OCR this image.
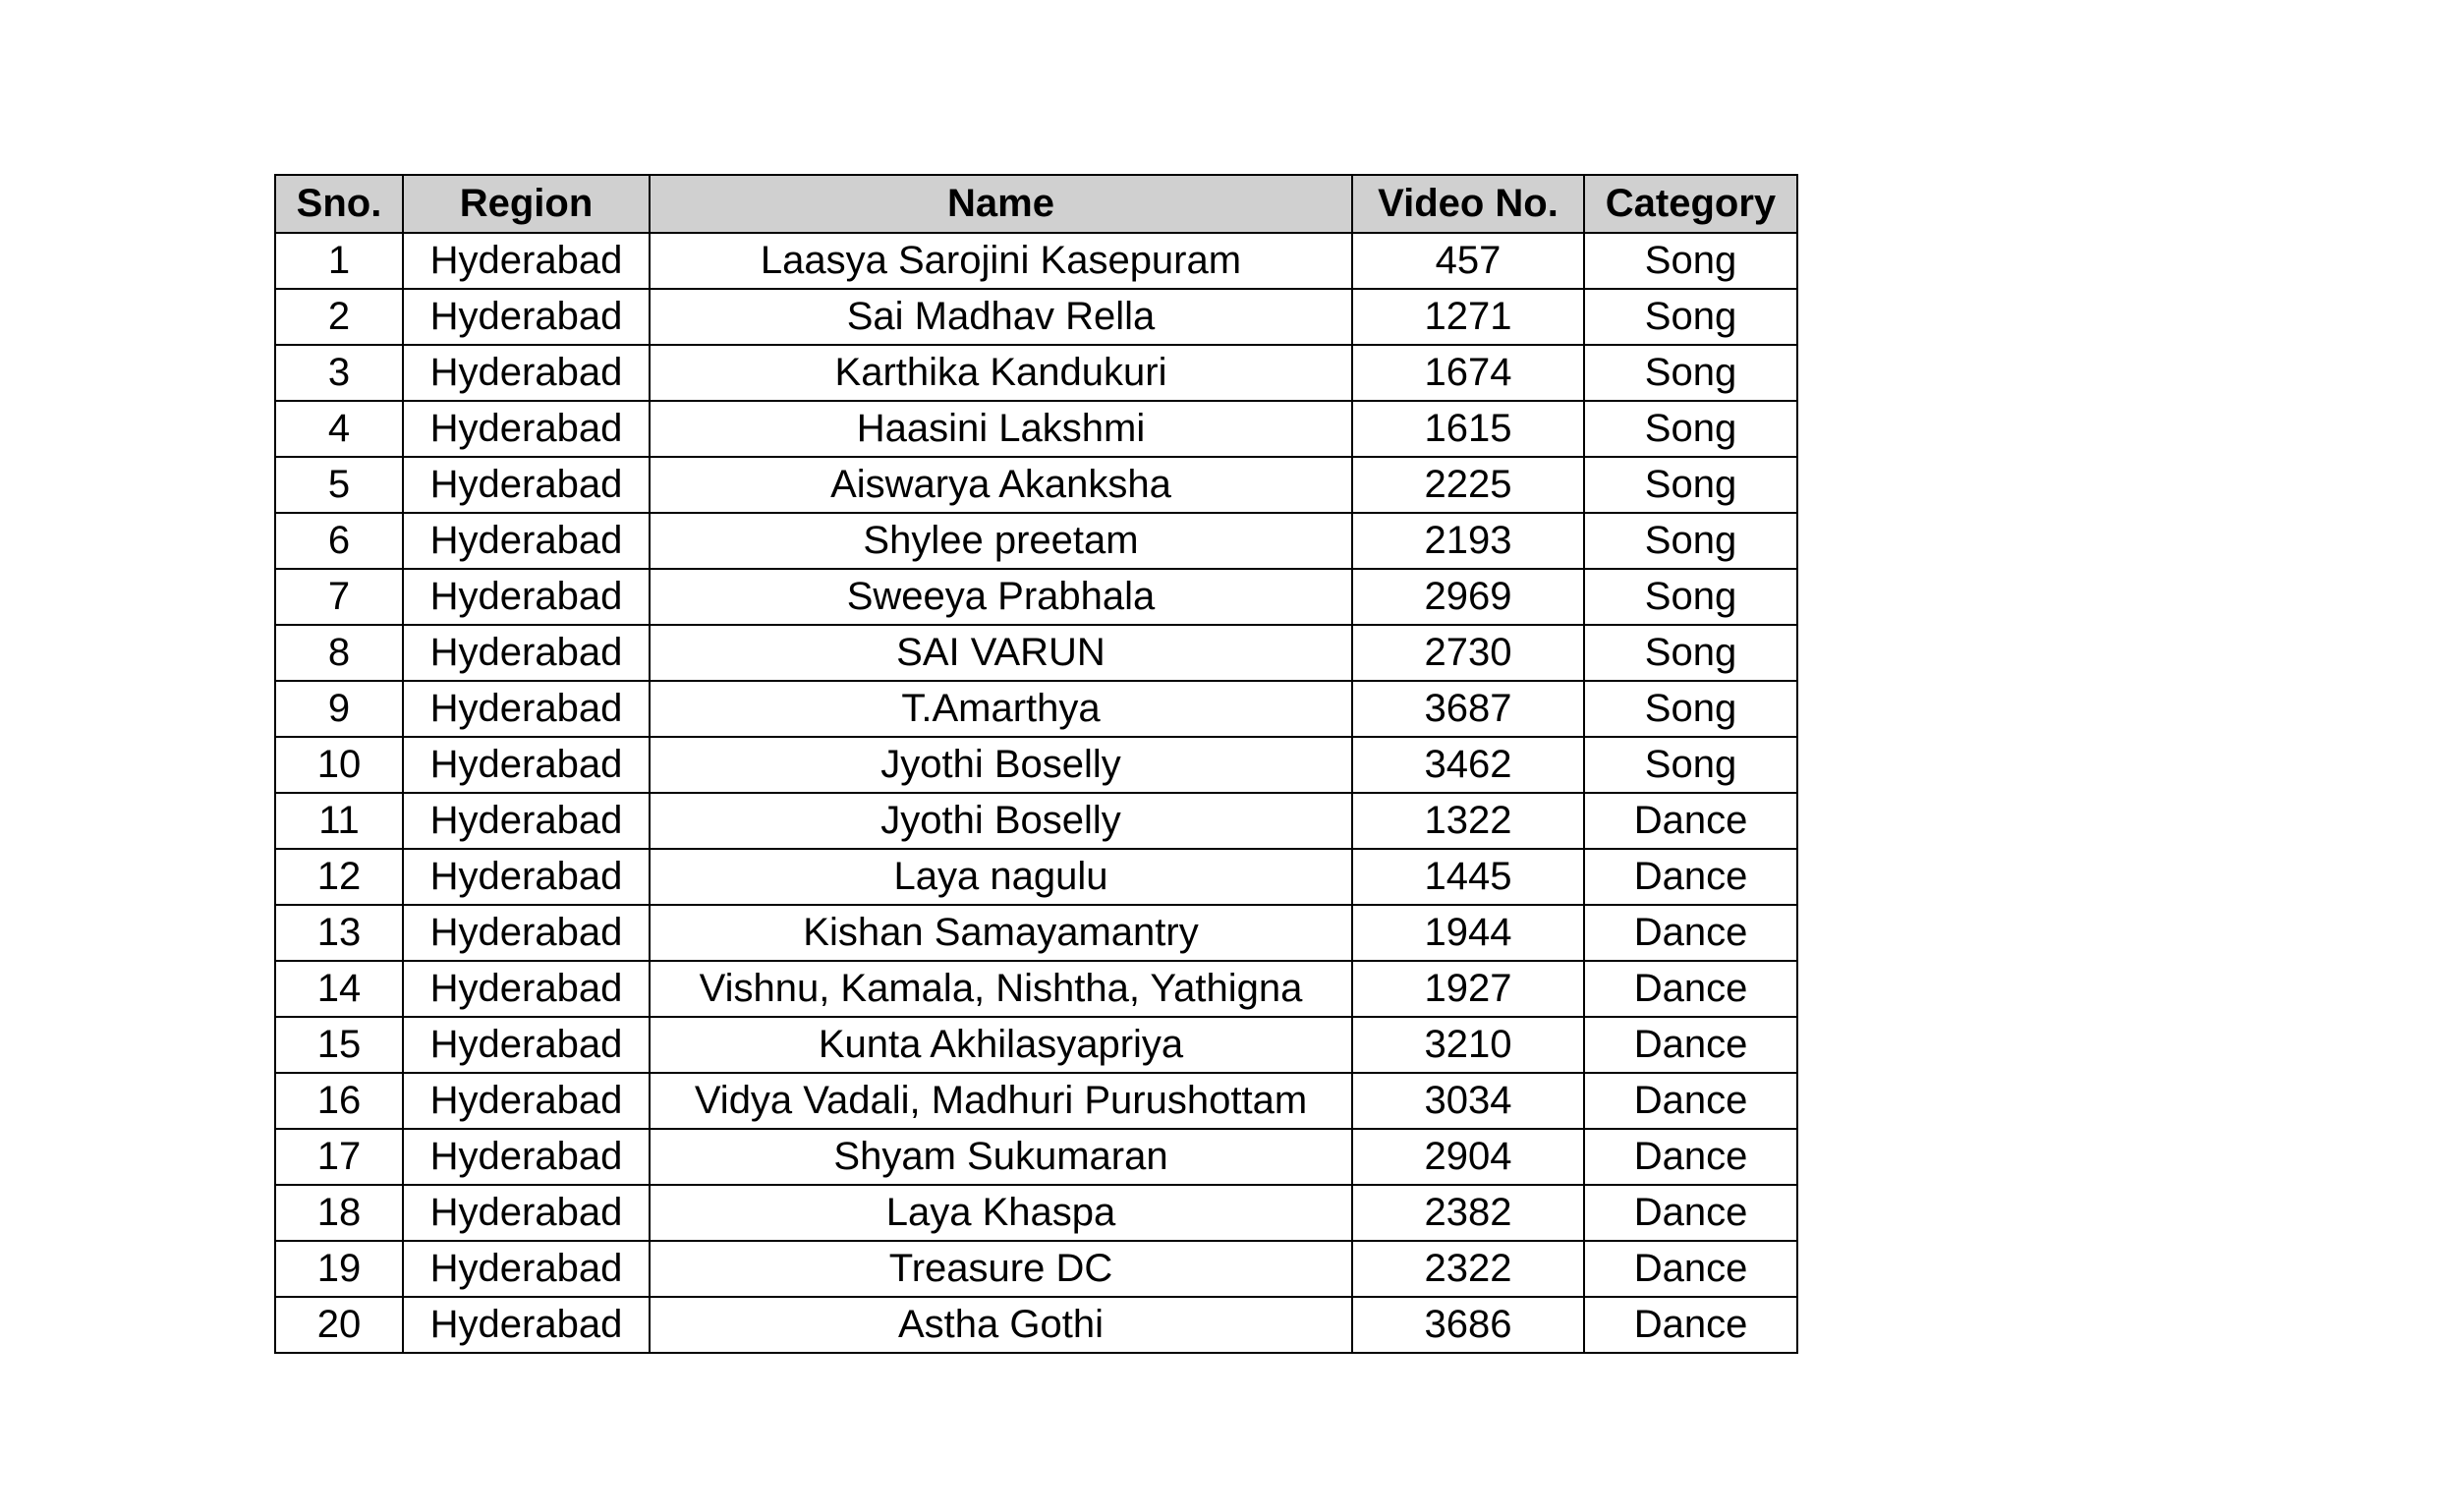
Sno.	Region	Name	Video No.	Category
1	Hyderabad	Laasya Sarojini Kasepuram	457	Song
2	Hyderabad	Sai Madhav Rella	1271	Song
3	Hyderabad	Karthika Kandukuri	1674	Song
4	Hyderabad	Haasini Lakshmi	1615	Song
5	Hyderabad	Aiswarya Akanksha	2225	Song
6	Hyderabad	Shylee preetam	2193	Song
7	Hyderabad	Sweeya Prabhala	2969	Song
8	Hyderabad	SAI VARUN	2730	Song
9	Hyderabad	T.Amarthya	3687	Song
10	Hyderabad	Jyothi Boselly	3462	Song
11	Hyderabad	Jyothi Boselly	1322	Dance
12	Hyderabad	Laya nagulu	1445	Dance
13	Hyderabad	Kishan Samayamantry	1944	Dance
14	Hyderabad	Vishnu, Kamala, Nishtha, Yathigna	1927	Dance
15	Hyderabad	Kunta Akhilasyapriya	3210	Dance
16	Hyderabad	Vidya Vadali, Madhuri Purushottam	3034	Dance
17	Hyderabad	Shyam Sukumaran	2904	Dance
18	Hyderabad	Laya Khaspa	2382	Dance
19	Hyderabad	Treasure DC	2322	Dance
20	Hyderabad	Astha Gothi	3686	Dance
